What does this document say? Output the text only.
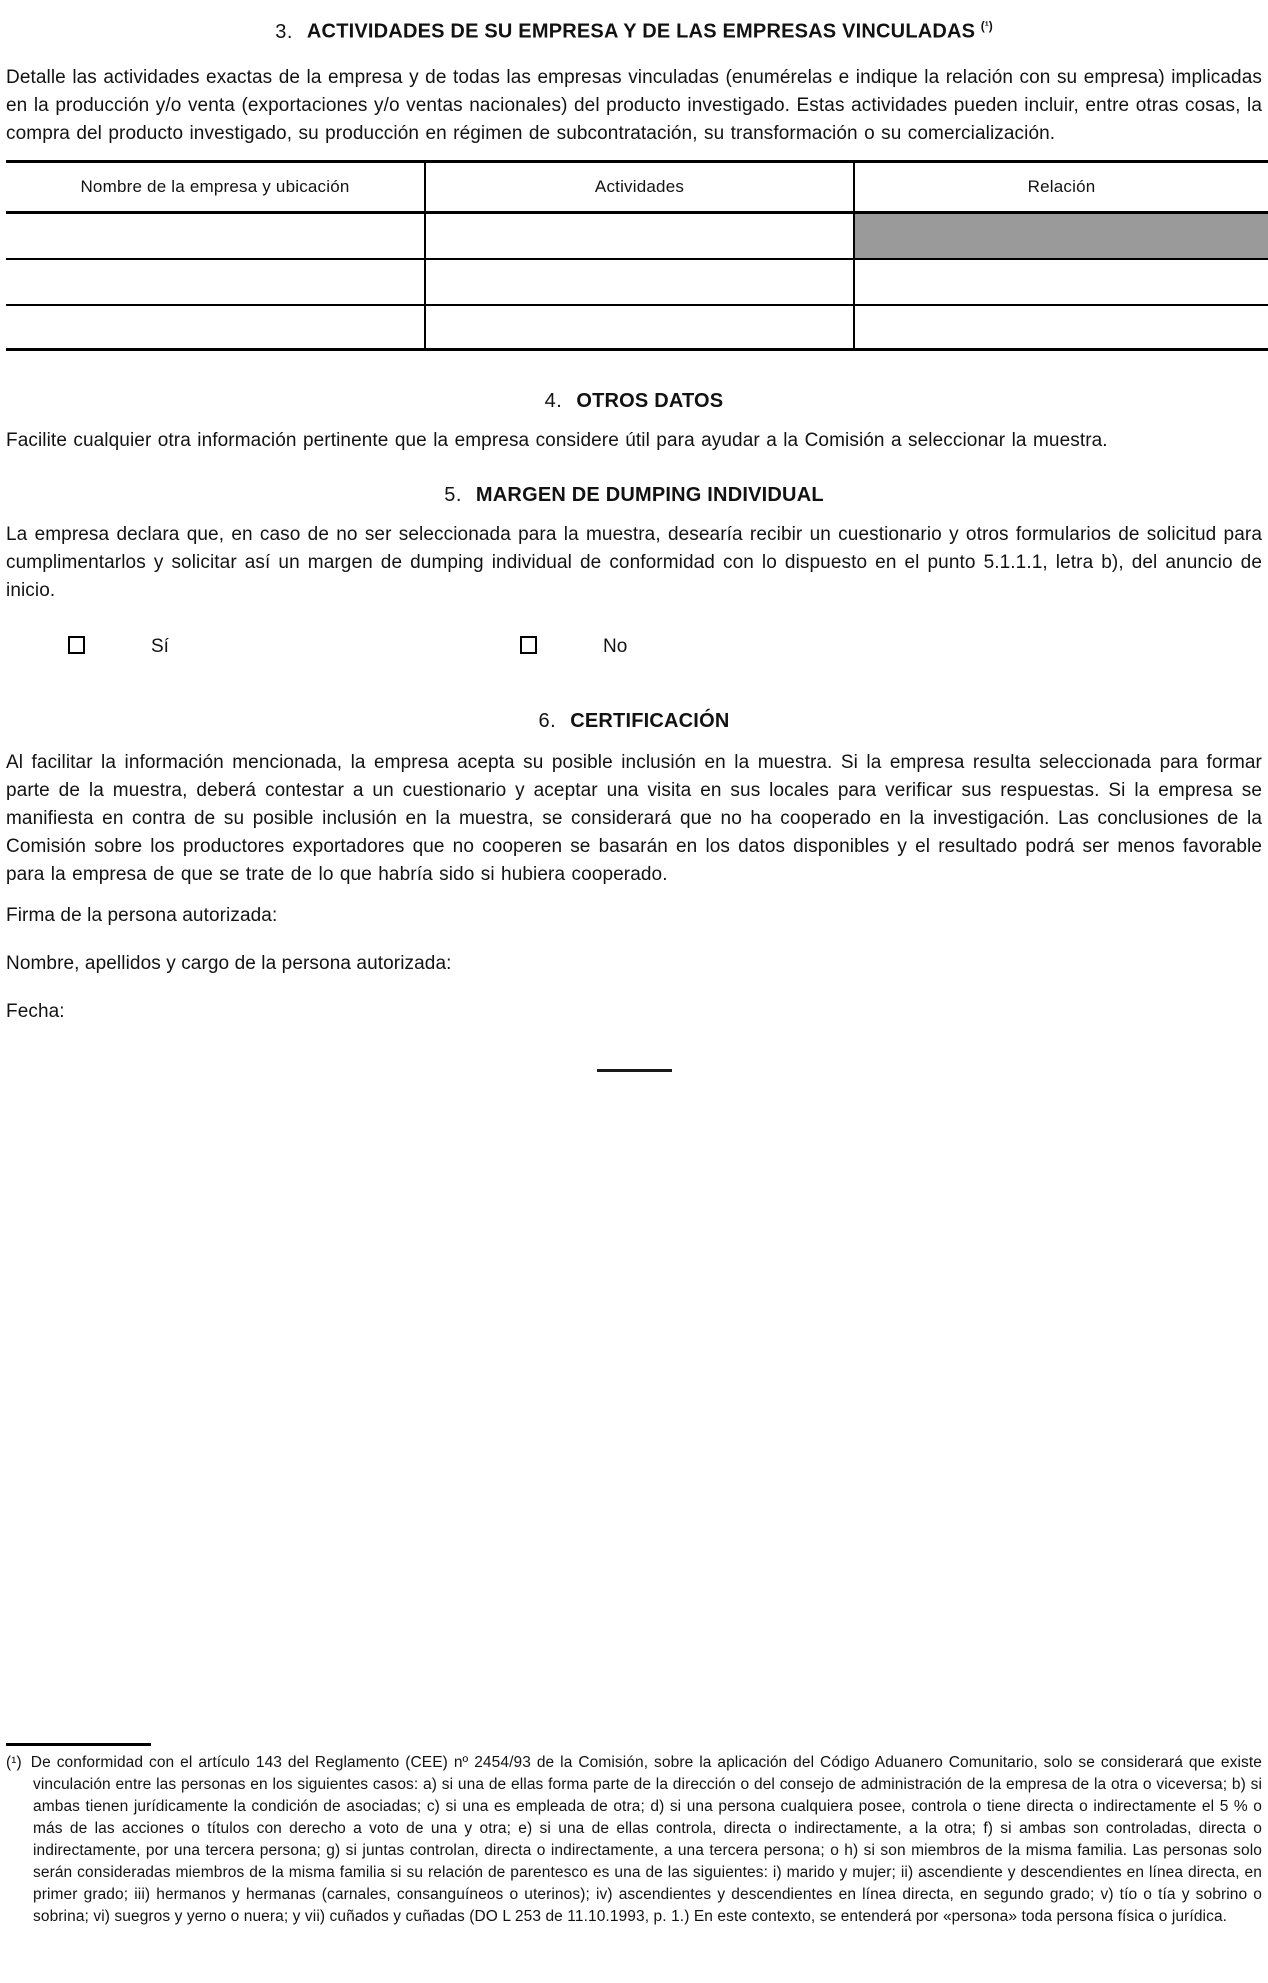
3. ACTIVIDADES DE SU EMPRESA Y DE LAS EMPRESAS VINCULADAS $^{(^1)}$

Detalle las actividades exactas de la empresa y de todas las empresas vinculadas (enumérelas e indique la relación con su empresa) implicadas en la producción y/o venta (exportaciones y/o ventas nacionales) del producto investigado. Estas actividades pueden incluir, entre otras cosas, la compra del producto investigado, su producción en régimen de subcontratación, su transformación o su comercialización.

Nombre de la empresa y ubicación	Actividades	Relación

4. OTROS DATOS

Facilite cualquier otra información pertinente que la empresa considere útil para ayudar a la Comisión a seleccionar la muestra.

5. MARGEN DE DUMPING INDIVIDUAL

La empresa declara que, en caso de no ser seleccionada para la muestra, desearía recibir un cuestionario y otros formularios de solicitud para cumplimentarlos y solicitar así un margen de dumping individual de conformidad con lo dispuesto en el punto 5.1.1.1, letra b), del anuncio de inicio.

Sí	No
6. CERTIFICACIÓN

Al facilitar la información mencionada, la empresa acepta su posible inclusión en la muestra. Si la empresa resulta seleccionada para formar parte de la muestra, deberá contestar a un cuestionario y aceptar una visita en sus locales para verificar sus respuestas. Si la empresa se manifiesta en contra de su posible inclusión en la muestra, se considerará que no ha cooperado en la investigación. Las conclusiones de la Comisión sobre los productores exportadores que no cooperen se basarán en los datos disponibles y el resultado podrá ser menos favorable para la empresa de que se trate de lo que habría sido si hubiera cooperado.

Firma de la persona autorizada:

Nombre, apellidos y cargo de la persona autorizada:

Fecha:

(¹) De conformidad con el artículo 143 del Reglamento (CEE) nº 2454/93 de la Comisión, sobre la aplicación del Código Aduanero Comunitario, solo se considerará que existe vinculación entre las personas en los siguientes casos: a) si una de ellas forma parte de la dirección o del consejo de administración de la empresa de la otra o viceversa; b) si ambas tienen jurídicamente la condición de asociadas; c) si una es empleada de otra; d) si una persona cualquiera posee, controla o tiene directa o indirectamente el 5 % o más de las acciones o títulos con derecho a voto de una y otra; e) si una de ellas controla, directa o indirectamente, a la otra; f) si ambas son controladas, directa o indirectamente, por una tercera persona; g) si juntas controlan, directa o indirectamente, a una tercera persona; o h) si son miembros de la misma familia. Las personas solo serán consideradas miembros de la misma familia si su relación de parentesco es una de las siguientes: i) marido y mujer; ii) ascendiente y descendientes en línea directa, en primer grado; iii) hermanos y hermanas (carnales, consanguíneos o uterinos); iv) ascendientes y descendientes en línea directa, en segundo grado; v) tío o tía y sobrino o sobrina; vi) suegros y yerno o nuera; y vii) cuñados y cuñadas (DO L 253 de 11.10.1993, p. 1.) En este contexto, se entenderá por «persona» toda persona física o jurídica.
